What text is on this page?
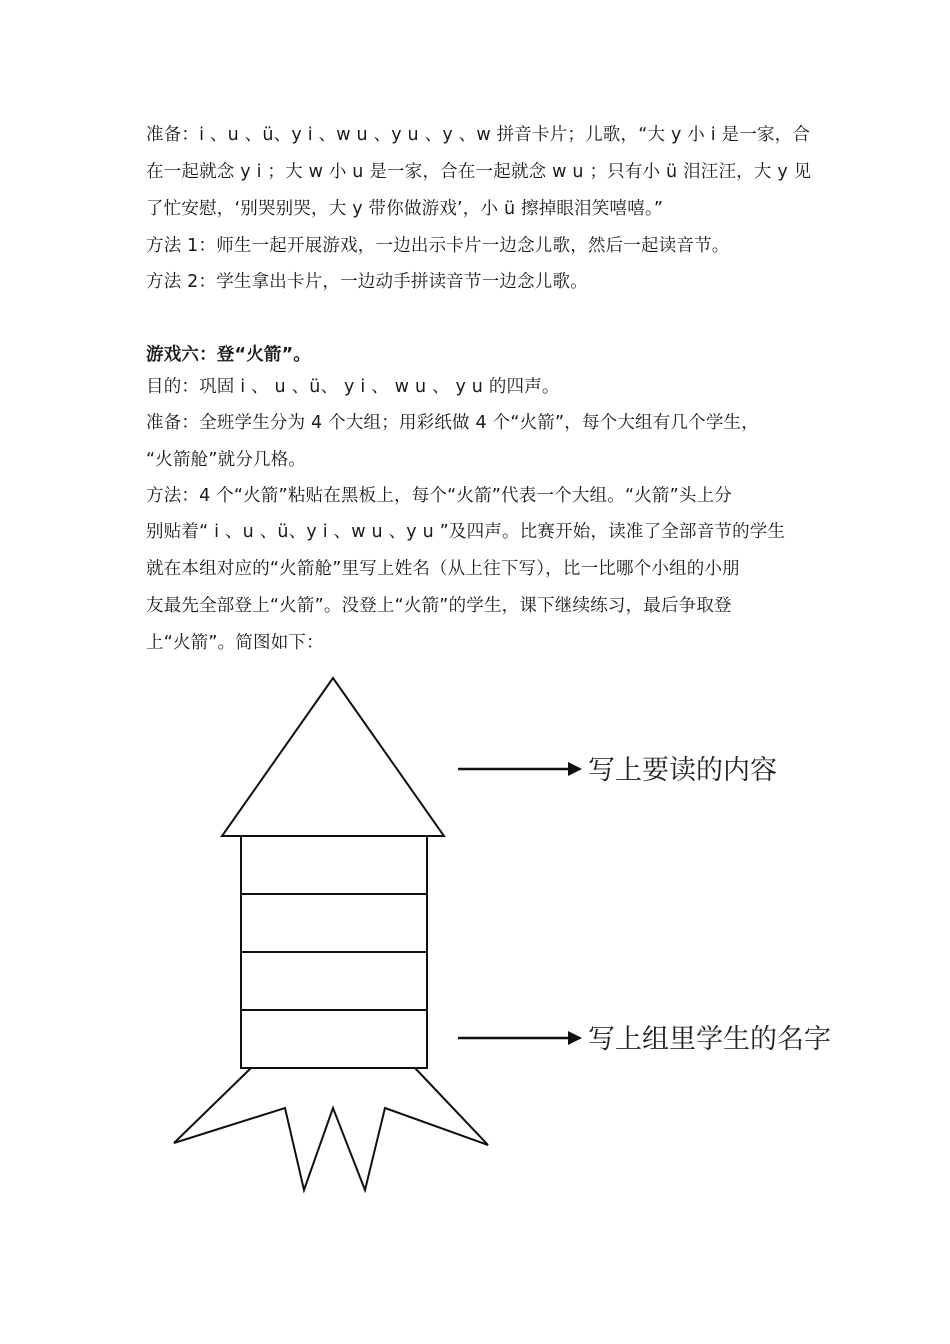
准备：i 、u 、ü、y i 、w u 、y u 、y 、w 拼音卡片；儿歌，“大 y 小 i 是一家，合
在一起就念 y i ；大 w 小 u 是一家，合在一起就念 w u ；只有小 ü 泪汪汪，大 y 见
了忙安慰，‘别哭别哭，大 y 带你做游戏’，小 ü 擦掉眼泪笑嘻嘻。”
方法 1：师生一起开展游戏，一边出示卡片一边念儿歌，然后一起读音节。
方法 2：学生拿出卡片，一边动手拼读音节一边念儿歌。
游戏六：登“火箭”。
目的：巩固 i 、 u 、ü、 y i 、 w u 、 y u 的四声。
准备：全班学生分为 4 个大组；用彩纸做 4 个“火箭”，每个大组有几个学生，
“火箭舱”就分几格。
方法：4 个“火箭”粘贴在黑板上，每个“火箭”代表一个大组。“火箭”头上分
别贴着“ i 、u 、ü、y i 、w u 、y u ”及四声。比赛开始，读准了全部音节的学生
就在本组对应的“火箭舱”里写上姓名（从上往下写），比一比哪个小组的小朋
友最先全部登上“火箭”。没登上“火箭”的学生，课下继续练习，最后争取登
上“火箭”。简图如下：
写上要读的内容
写上组里学生的名字
